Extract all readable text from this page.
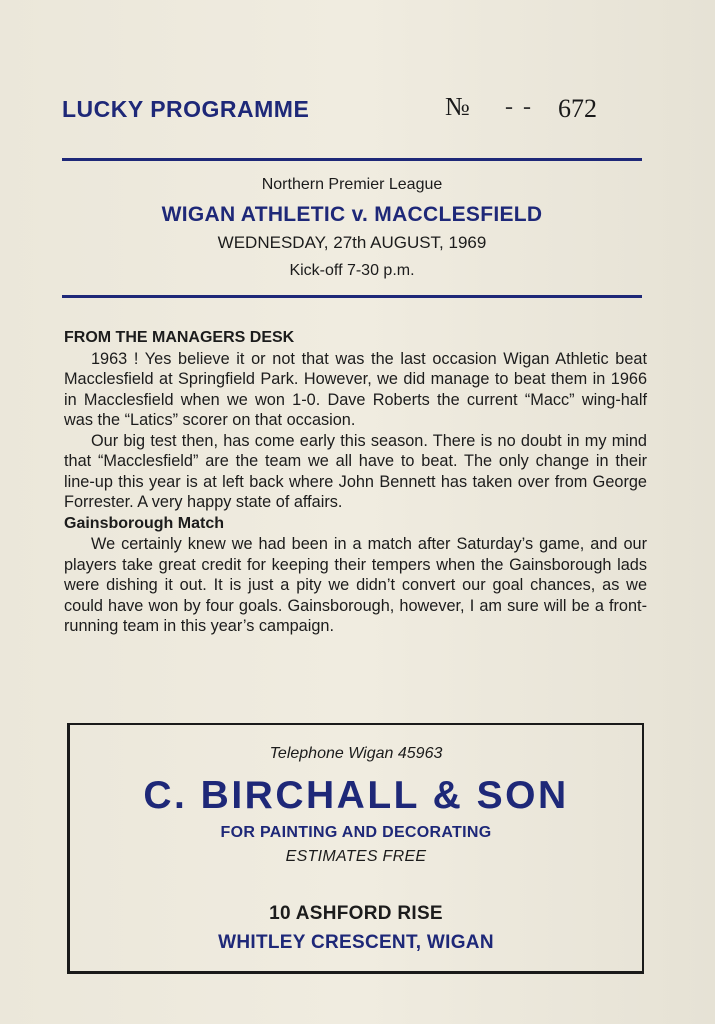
LUCKY PROGRAMME	№ - - 672
Northern Premier League
WIGAN ATHLETIC v. MACCLESFIELD
WEDNESDAY, 27th AUGUST, 1969
Kick-off 7-30 p.m.
FROM THE MANAGERS DESK

1963 ! Yes believe it or not that was the last occasion Wigan Athletic beat Macclesfield at Springfield Park. However, we did manage to beat them in 1966 in Macclesfield when we won 1-0. Dave Roberts the current “Macc” wing-half was the “Latics” scorer on that occasion.

Our big test then, has come early this season. There is no doubt in my mind that “Macclesfield” are the team we all have to beat. The only change in their line-up this year is at left back where John Bennett has taken over from George Forrester. A very happy state of affairs.

Gainsborough Match

We certainly knew we had been in a match after Saturday’s game, and our players take great credit for keeping their tempers when the Gainsborough lads were dishing it out. It is just a pity we didn’t convert our goal chances, as we could have won by four goals. Gainsborough, however, I am sure will be a front-running team in this year’s campaign.

Telephone Wigan 45963
C. BIRCHALL & SON
FOR PAINTING AND DECORATING
ESTIMATES FREE
10 ASHFORD RISE
WHITLEY CRESCENT, WIGAN
